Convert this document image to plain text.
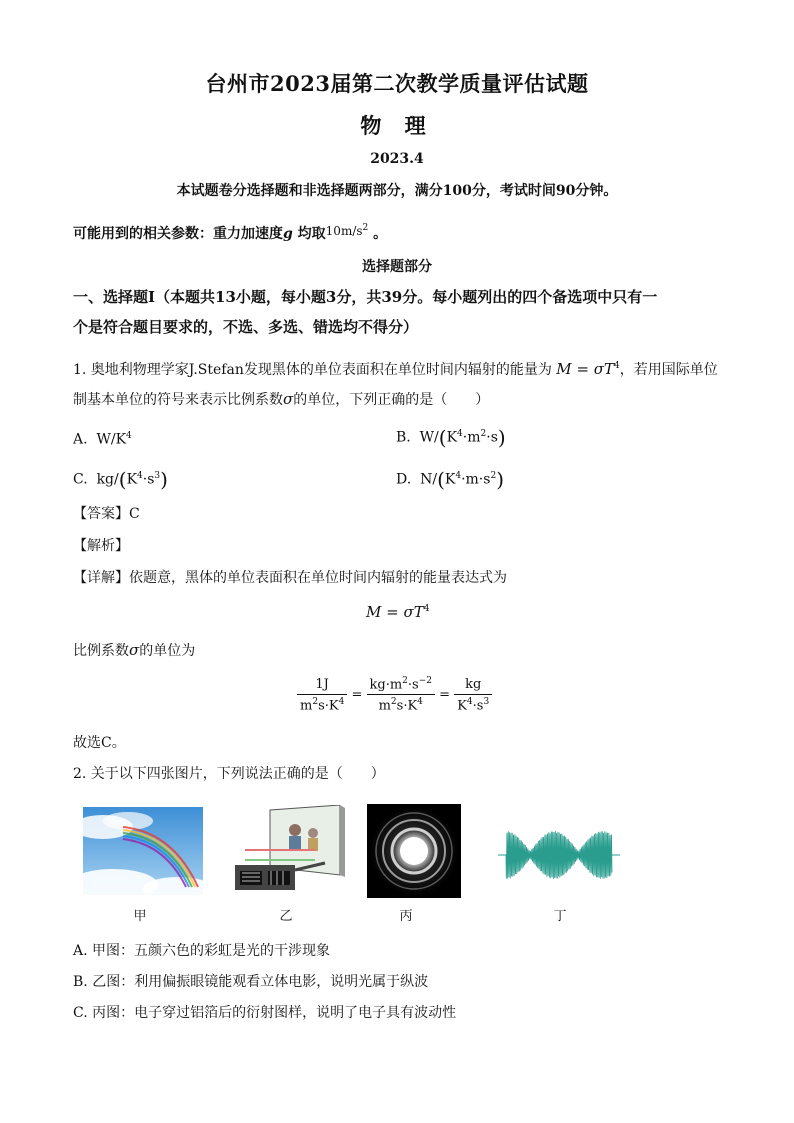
台州市2023届第二次教学质量评估试题
物 理
2023.4
本试题卷分选择题和非选择题两部分，满分100分，考试时间90分钟。
可能用到的相关参数：重力加速度g 均取$10m/s^2$ 。
选择题部分
一、选择题Ⅰ（本题共13小题，每小题3分，共39分。每小题列出的四个备选项中只有一
个是符合题目要求的，不选、多选、错选均不得分）
1. 奥地利物理学家J.Stefan发现黑体的单位表面积在单位时间内辐射的能量为 $M = \sigma T^4$，若用国际单位
制基本单位的符号来表示比例系数σ的单位，下列正确的是（　　）
A. $W/K^4$	B. $W/(K^4\cdot m^2\cdot s)$
C. $kg/(K^4\cdot s^3)$	D. $N/(K^4\cdot m\cdot s^2)$
【答案】C
【解析】
【详解】依题意，黑体的单位表面积在单位时间内辐射的能量表达式为
$M = \sigma T^4$
比例系数σ的单位为
$\frac{1J}{m^2s\cdot K^4} = \frac{kg\cdot m^2\cdot s^{-2}}{m^2s\cdot K^4} = \frac{kg}{K^4\cdot s^3}$
故选C。
2. 关于以下四张图片，下列说法正确的是（　　）
甲	乙	丙	丁
A. 甲图：五颜六色的彩虹是光的干涉现象
B. 乙图：利用偏振眼镜能观看立体电影，说明光属于纵波
C. 丙图：电子穿过铝箔后的衍射图样，说明了电子具有波动性
